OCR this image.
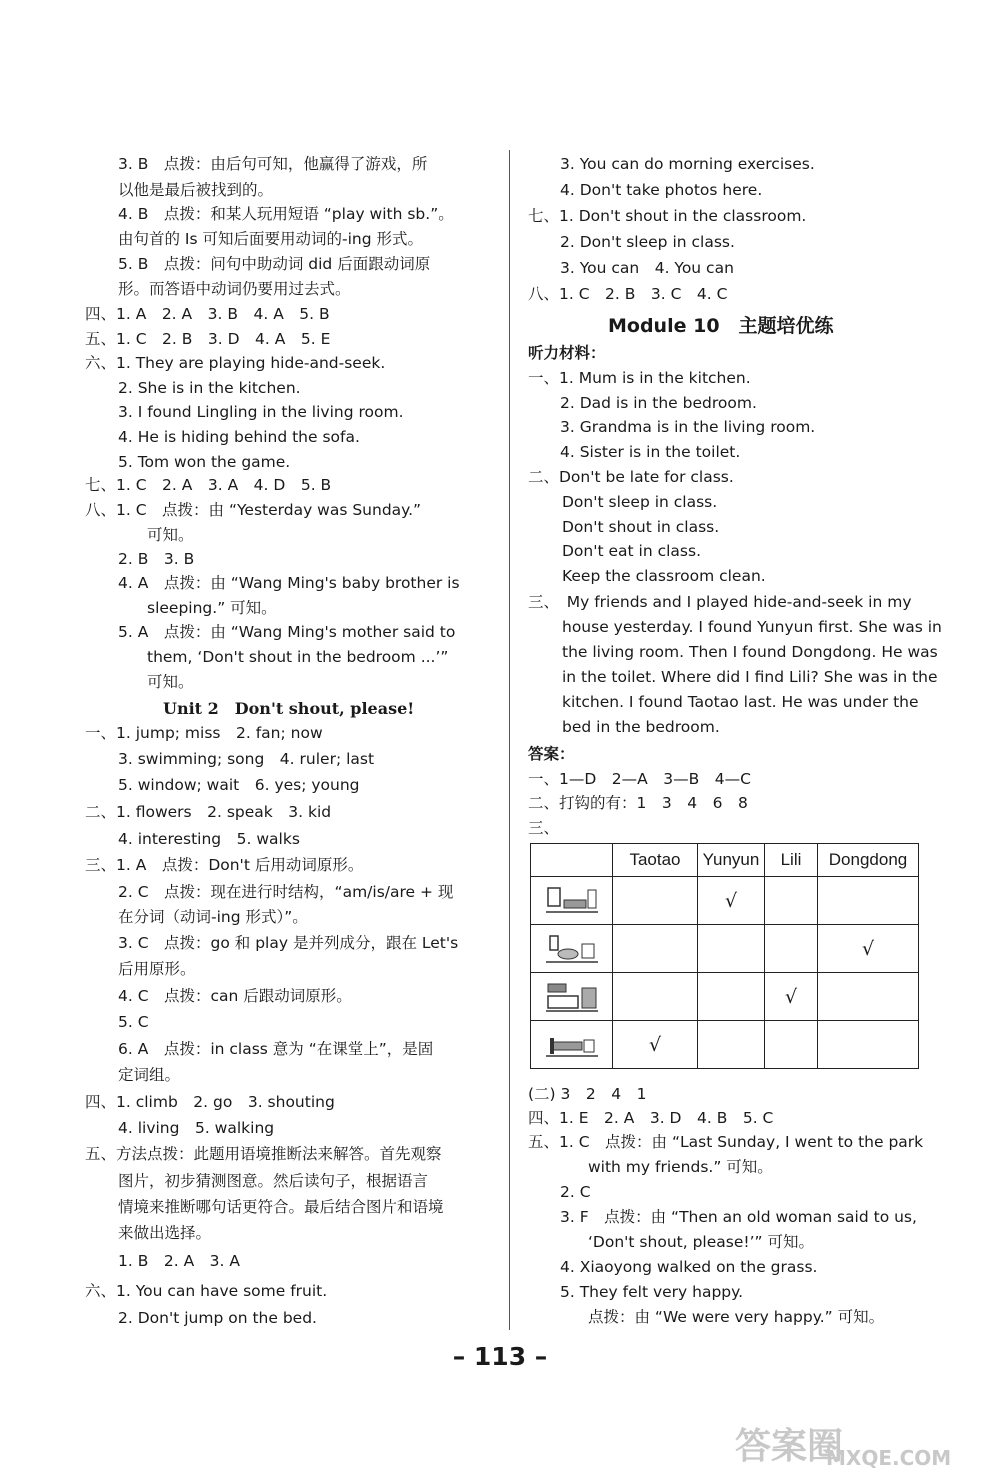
3. B　点拨：由后句可知，他赢得了游戏，所
以他是最后被找到的。
4. B　点拨：和某人玩用短语 “play with sb.”。
由句首的 Is 可知后面要用动词的-ing 形式。
5. B　点拨：问句中助动词 did 后面跟动词原
形。而答语中动词仍要用过去式。
四、1. A　2. A　3. B　4. A　5. B
五、1. C　2. B　3. D　4. A　5. E
六、1. They are playing hide-and-seek.
2. She is in the kitchen.
3. I found Lingling in the living room.
4. He is hiding behind the sofa.
5. Tom won the game.
七、1. C　2. A　3. A　4. D　5. B
八、1. C　点拨：由 “Yesterday was Sunday.”
可知。
2. B　3. B
4. A　点拨：由 “Wang Ming's baby brother is
sleeping.” 可知。
5. A　点拨：由 “Wang Ming's mother said to
them, ‘Don't shout in the bedroom ...’”
可知。
Unit 2　Don't shout, please!
一、1. jump; miss　2. fan; now
3. swimming; song　4. ruler; last
5. window; wait　6. yes; young
二、1. flowers　2. speak　3. kid
4. interesting　5. walks
三、1. A　点拨：Don't 后用动词原形。
2. C　点拨：现在进行时结构，“am/is/are + 现
在分词（动词-ing 形式）”。
3. C　点拨：go 和 play 是并列成分，跟在 Let's
后用原形。
4. C　点拨：can 后跟动词原形。
5. C
6. A　点拨：in class 意为 “在课堂上”，是固
定词组。
四、1. climb　2. go　3. shouting
4. living　5. walking
五、方法点拨：此题用语境推断法来解答。首先观察
图片，初步猜测图意。然后读句子，根据语言
情境来推断哪句话更符合。最后结合图片和语境
来做出选择。
1. B　2. A　3. A
六、1. You can have some fruit.
2. Don't jump on the bed.
3. You can do morning exercises.
4. Don't take photos here.
七、1. Don't shout in the classroom.
2. Don't sleep in class.
3. You can　4. You can
八、1. C　2. B　3. C　4. C
Module 10　主题培优练
听力材料：
一、1. Mum is in the kitchen.
2. Dad is in the bedroom.
3. Grandma is in the living room.
4. Sister is in the toilet.
二、Don't be late for class.
Don't sleep in class.
Don't shout in class.
Don't eat in class.
Keep the classroom clean.
三、　My friends and I played hide-and-seek in my
house yesterday. I found Yunyun first. She was in
the living room. Then I found Dongdong. He was
in the toilet. Where did I find Lili? She was in the
kitchen. I found Taotao last. He was under the
bed in the bedroom.
答案：
一、1—D　2—A　3—B　4—C
二、打钩的有：1　3　4　6　8
三、
	Taotao	Yunyun	Lili	Dongdong
		√		
				√
			√	
	√			
(二) 3　2　4　1
四、1. E　2. A　3. D　4. B　5. C
五、1. C　点拨：由 “Last Sunday, I went to the park
with my friends.” 可知。
2. C
3. F　点拨：由 “Then an old woman said to us,
‘Don't shout, please!’” 可知。
4. Xiaoyong walked on the grass.
5. They felt very happy.
点拨：由 “We were very happy.” 可知。
– 113 –
答案圈
MXQE.COM
